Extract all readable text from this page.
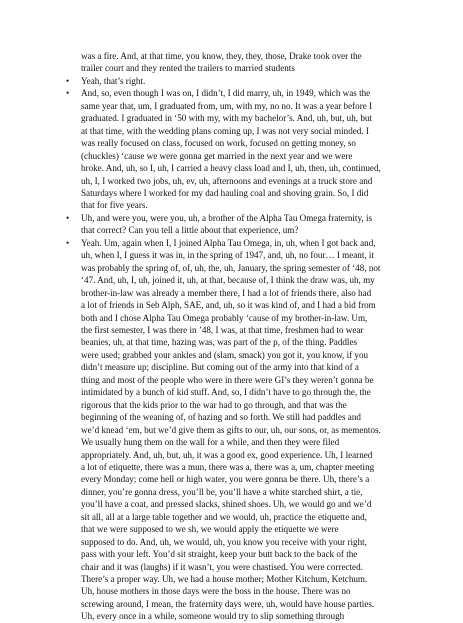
was a fire. And, at that time, you know, they, they, those, Drake took over the
trailer court and they rented the trailers to married students
•	Yeah, that’s right.
•	And, so, even though I was on, I didn’t, I did marry, uh, in 1949, which was the
same year that, um, I graduated from, um, with my, no no. It was a year before I
graduated. I graduated in ‘50 with my, with my bachelor’s. And, uh, but, uh, but
at that time, with the wedding plans coming up, I was not very social minded. I
was really focused on class, focused on work, focused on getting money, so
(chuckles) ‘cause we were gonna get married in the next year and we were
broke. And, uh, so I, uh, I carried a heavy class load and I, uh, then, uh, continued,
uh, I, I worked two jobs, uh, ev, uh, afternoons and evenings at a truck store and
Saturdays where I worked for my dad hauling coal and shoving grain. So, I did
that for five years.
•	Uh, and were you, were you, uh, a brother of the Alpha Tau Omega fraternity, is
that correct? Can you tell a little about that experience, um?
•	Yeah. Um, again when I, I joined Alpha Tau Omega, in, uh, when I got back and,
uh, when I, I guess it was in, in the spring of 1947, and, uh, no four… I meant, it
was probably the spring of, of, uh, the, uh, January, the spring semester of ‘48, not
‘47. And, uh, I, uh, joined it, uh, at that, because of, I think the draw was, uh, my
brother-in-law was already a member there, I had a lot of friends there, also had
a lot of friends in Seb Alph, SAE, and, uh, so it was kind of, and I had a bid from
both and I chose Alpha Tau Omega probably ‘cause of my brother-in-law. Um,
the first semester, I was there in ’48, I was, at that time, freshmen had to wear
beanies, uh, at that time, hazing was, was part of the p, of the thing. Paddles
were used; grabbed your ankles and (slam, smack) you got it, you know, if you
didn’t measure up; discipline. But coming out of the army into that kind of a
thing and most of the people who were in there were GI’s they weren’t gonna be
intimidated by a bunch of kid stuff. And, so, I didn’t have to go through the, the
rigorous that the kids prior to the war had to go through, and that was the
beginning of the weaning of, of hazing and so forth. We still had paddles and
we’d knead ‘em, but we’d give them as gifts to our, uh, our sons, or, as mementos.
We usually hung them on the wall for a while, and then they were filed
appropriately. And, uh, but, uh, it was a good ex, good experience. Uh, I learned
a lot of etiquette, there was a mun, there was a, there was a, um, chapter meeting
every Monday; come hell or high water, you were gonna be there. Uh, there’s a
dinner, you’re gonna dress, you’ll be, you’ll have a white starched shirt, a tie,
you’ll have a coat, and pressed slacks, shined shoes. Uh, we would go and we’d
sit all, all at a large table together and we would, uh, practice the etiquette and,
that we were supposed to we sh, we would apply the etiquette we were
supposed to do. And, uh, we would, uh, you know you receive with your right,
pass with your left. You’d sit straight, keep your butt back to the back of the
chair and it was (laughs) if it wasn’t, you were chastised. You were corrected.
There’s a proper way. Uh, we had a house mother; Mother Kitchum, Ketchum.
Uh, house mothers in those days were the boss in the house. There was no
screwing around, I mean, the fraternity days were, uh, would have house parties.
Uh, every once in a while, someone would try to slip something through
